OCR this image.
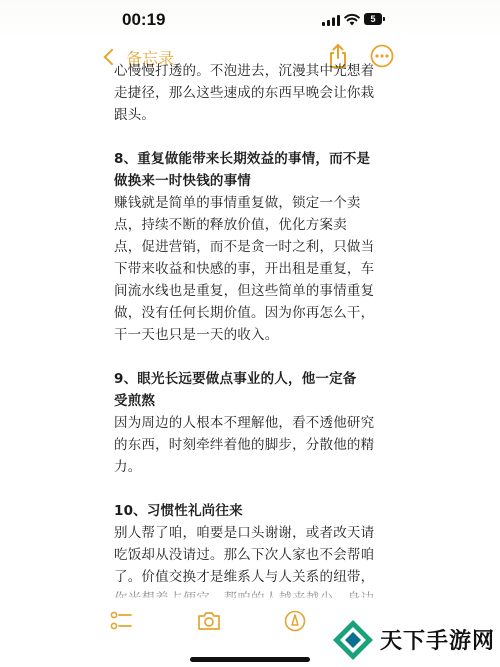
00:19	5
备忘录

心慢慢打透的。不泡进去，沉漫其中光想着

走捷径，那么这些速成的东西早晚会让你栽

跟头。

8、重复做能带来长期效益的事情，而不是

做换来一时快钱的事情

赚钱就是简单的事情重复做，锁定一个卖

点，持续不断的释放价值，优化方案卖

点，促进营销，而不是贪一时之利，只做当

下带来收益和快感的事，开出租是重复，车

间流水线也是重复，但这些简单的事情重复

做，没有任何长期价值。因为你再怎么干，

干一天也只是一天的收入。

9、眼光长远要做点事业的人，他一定备

受煎熬

因为周边的人根本不理解他，看不透他研究

的东西，时刻牵绊着他的脚步，分散他的精

力。

10、习惯性礼尚往来

别人帮了咱，咱要是口头谢谢，或者改天请

吃饭却从没请过。那么下次人家也不会帮咱

了。价值交换才是维系人与人关系的纽带，

天下手游网
